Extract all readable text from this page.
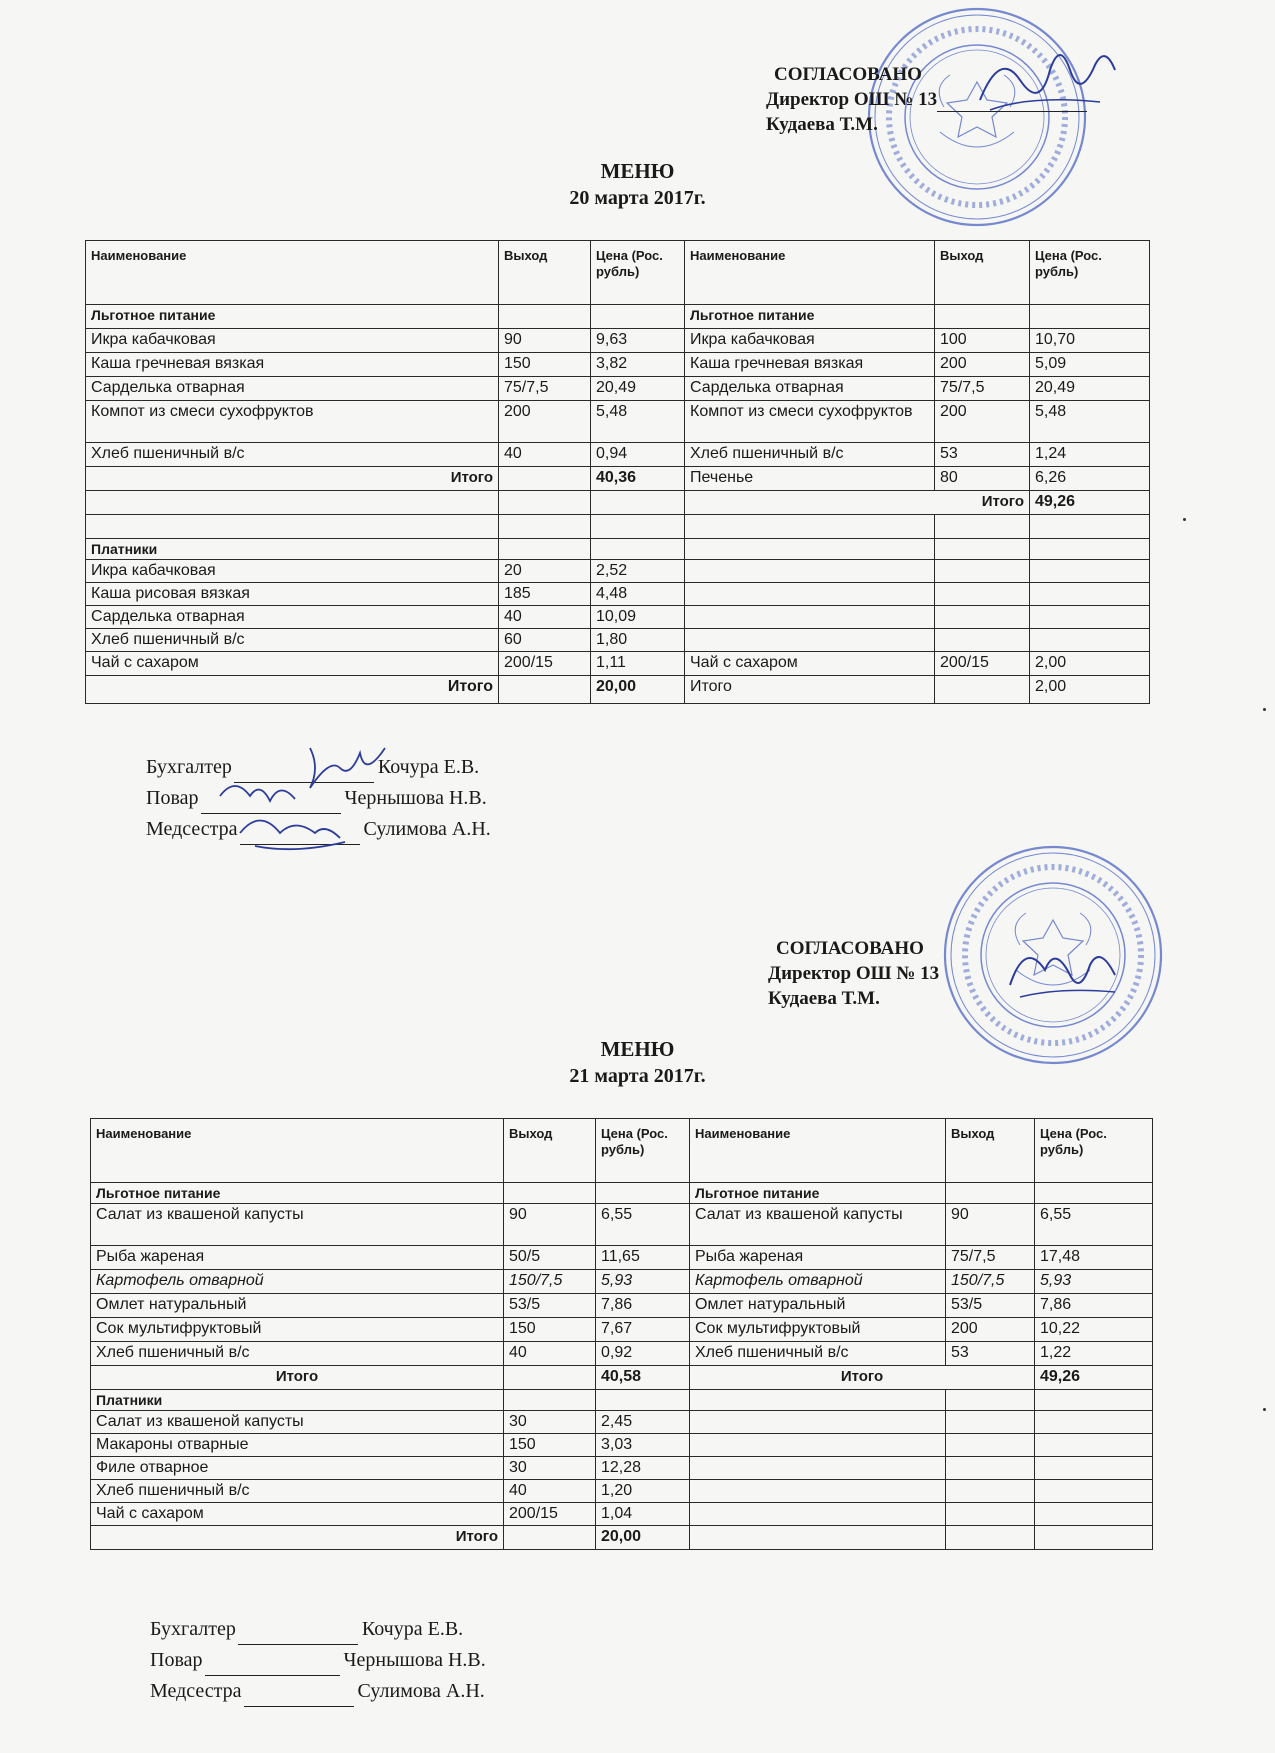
СОГЛАСОВАНО
Директор ОШ № 13
Кудаева Т.М.
МЕНЮ
20 марта 2017г.
Наименование	Выход	Цена (Рос. рубль)	Наименование	Выход	Цена (Рос. рубль)
Льготное питание			Льготное питание		
Икра кабачковая	90	9,63	Икра кабачковая	100	10,70
Каша гречневая вязкая	150	3,82	Каша гречневая вязкая	200	5,09
Сарделька отварная	75/7,5	20,49	Сарделька отварная	75/7,5	20,49
Компот из смеси сухофруктов	200	5,48	Компот из смеси сухофруктов	200	5,48
Хлеб пшеничный в/с	40	0,94	Хлеб пшеничный в/с	53	1,24
Итого		40,36	Печенье	80	6,26
			Итого		49,26

Платники					
Икра кабачковая	20	2,52			
Каша рисовая вязкая	185	4,48			
Сарделька отварная	40	10,09			
Хлеб пшеничный в/с	60	1,80			
Чай с сахаром	200/15	1,11	Чай с сахаром	200/15	2,00
Итого		20,00	Итого		2,00
Бухгалтер	Кочура Е.В.
Повар	Чернышова Н.В.
Медсестра	Сулимова А.Н.
СОГЛАСОВАНО
Директор ОШ № 13
Кудаева Т.М.
МЕНЮ
21 марта 2017г.
Наименование	Выход	Цена (Рос. рубль)	Наименование	Выход	Цена (Рос. рубль)
Льготное питание			Льготное питание		
Салат из квашеной капусты	90	6,55	Салат из квашеной капусты	90	6,55
Рыба жареная	50/5	11,65	Рыба жареная	75/7,5	17,48
Картофель отварной	150/7,5	5,93	Картофель отварной	150/7,5	5,93
Омлет натуральный	53/5	7,86	Омлет натуральный	53/5	7,86
Сок мультифруктовый	150	7,67	Сок мультифруктовый	200	10,22
Хлеб пшеничный в/с	40	0,92	Хлеб пшеничный в/с	53	1,22
Итого		40,58	Итого		49,26
Платники					
Салат из квашеной капусты	30	2,45			
Макароны отварные	150	3,03			
Филе отварное	30	12,28			
Хлеб пшеничный в/с	40	1,20			
Чай с сахаром	200/15	1,04			
Итого		20,00			
Бухгалтер	Кочура Е.В.
Повар	Чернышова Н.В.
Медсестра	Сулимова А.Н.
